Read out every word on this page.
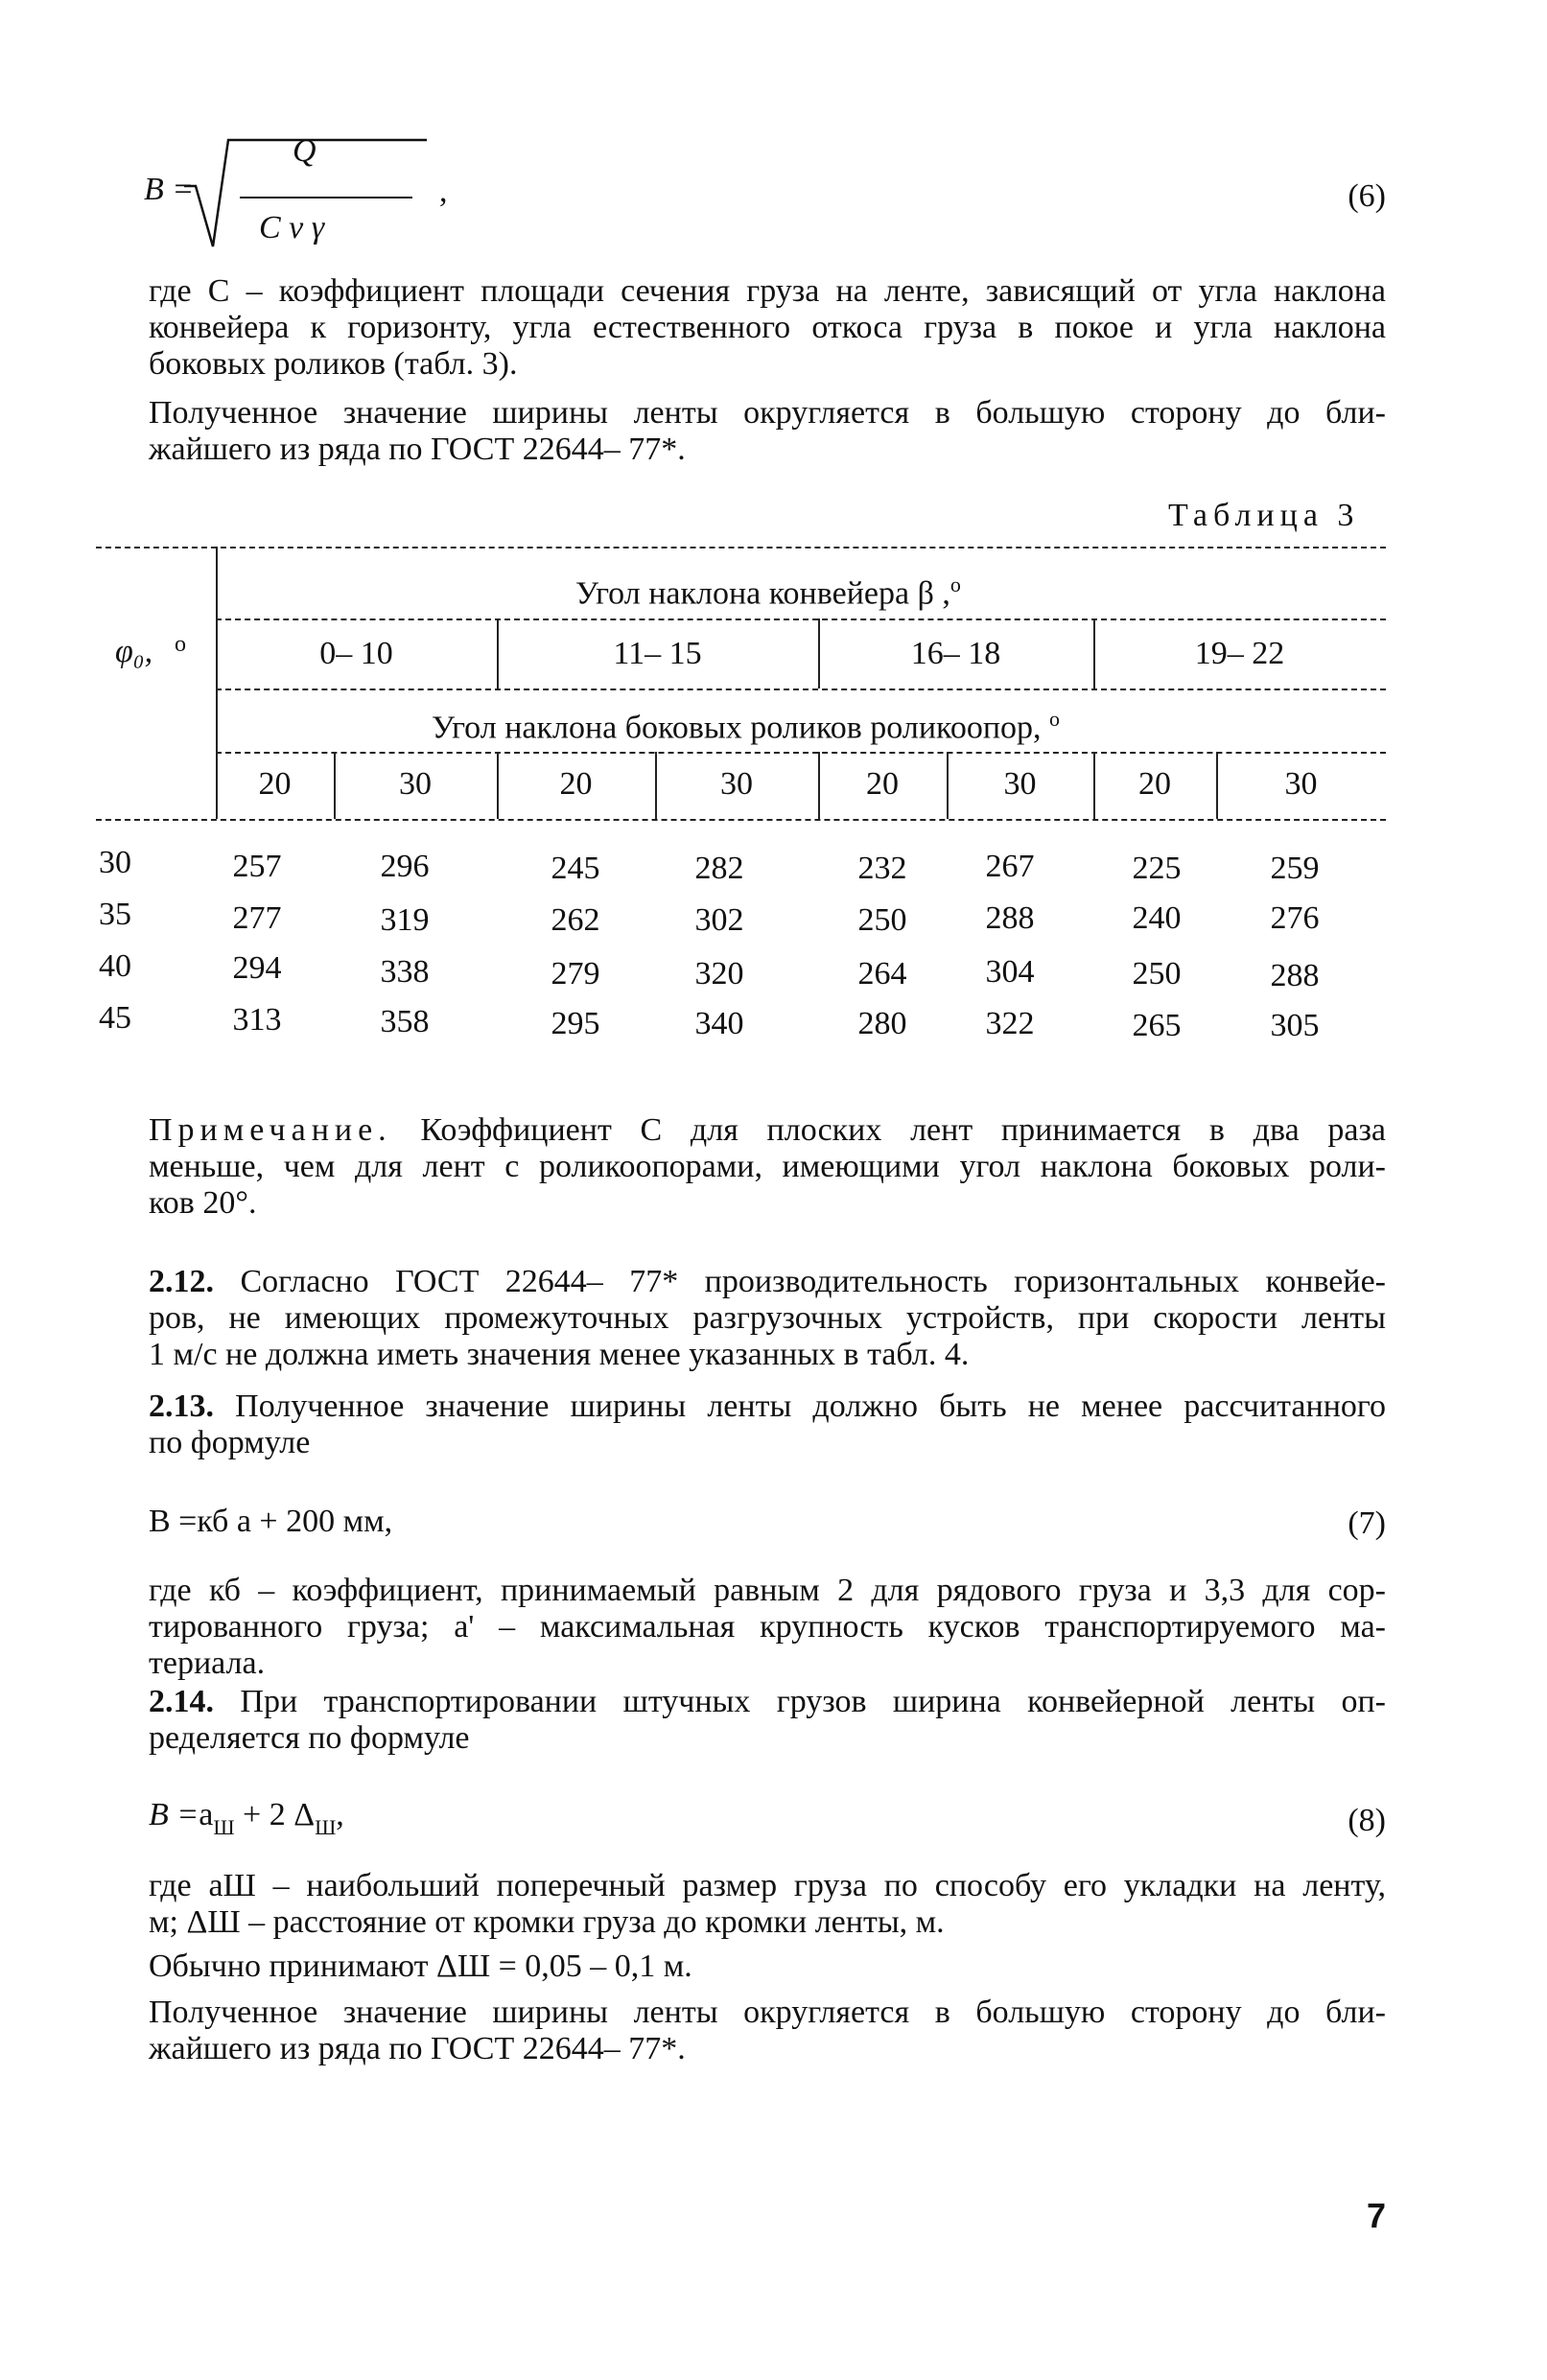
B =
Q
C v γ
,	(6)
где C – коэффициент площади сечения груза на ленте, зависящий от угла наклона
конвейера к горизонту, угла естественного откоса груза в покое и угла наклона
боковых роликов (табл. 3).
Полученное значение ширины ленты округляется в большую сторону до бли-
жайшего из ряда по ГОСТ 22644– 77*.
Таблица 3
φ₀, о
Угол наклона конвейера β ,$^о$
0– 10	11– 15	16– 18	19– 22
Угол наклона боковых роликов роликоопор, $^о$
20	30	20	30	20	30	20	30
30	257	296	245	282	232	267	225	259
35	277	319	262	302	250	288	240	276
40	294	338	279	320	264	304	250	288
45	313	358	295	340	280	322	265	305
Примечание. Коэффициент C для плоских лент принимается в два раза
меньше, чем для лент с роликоопорами, имеющими угол наклона боковых роли-
ков 20°.
2.12. Согласно ГОСТ 22644– 77* производительность горизонтальных конвейе-
ров, не имеющих промежуточных разгрузочных устройств, при скорости ленты
1 м/с не должна иметь значения менее указанных в табл. 4.
2.13. Полученное значение ширины ленты должно быть не менее рассчитанного
по формуле
B =кб a + 200 мм,	(7)
где кб – коэффициент, принимаемый равным 2 для рядового груза и 3,3 для сор-
тированного груза; a' – максимальная крупность кусков транспортируемого ма-
териала.
2.14. При транспортировании штучных грузов ширина конвейерной ленты оп-
ределяется по формуле
$B =a_Ш + 2$ $\Delta_Ш$,	(8)
где aШ – наибольший поперечный размер груза по способу его укладки на ленту,
м; ΔШ – расстояние от кромки груза до кромки ленты, м.
Обычно принимают ΔШ = 0,05 – 0,1 м.
Полученное значение ширины ленты округляется в большую сторону до бли-
жайшего из ряда по ГОСТ 22644– 77*.
7
